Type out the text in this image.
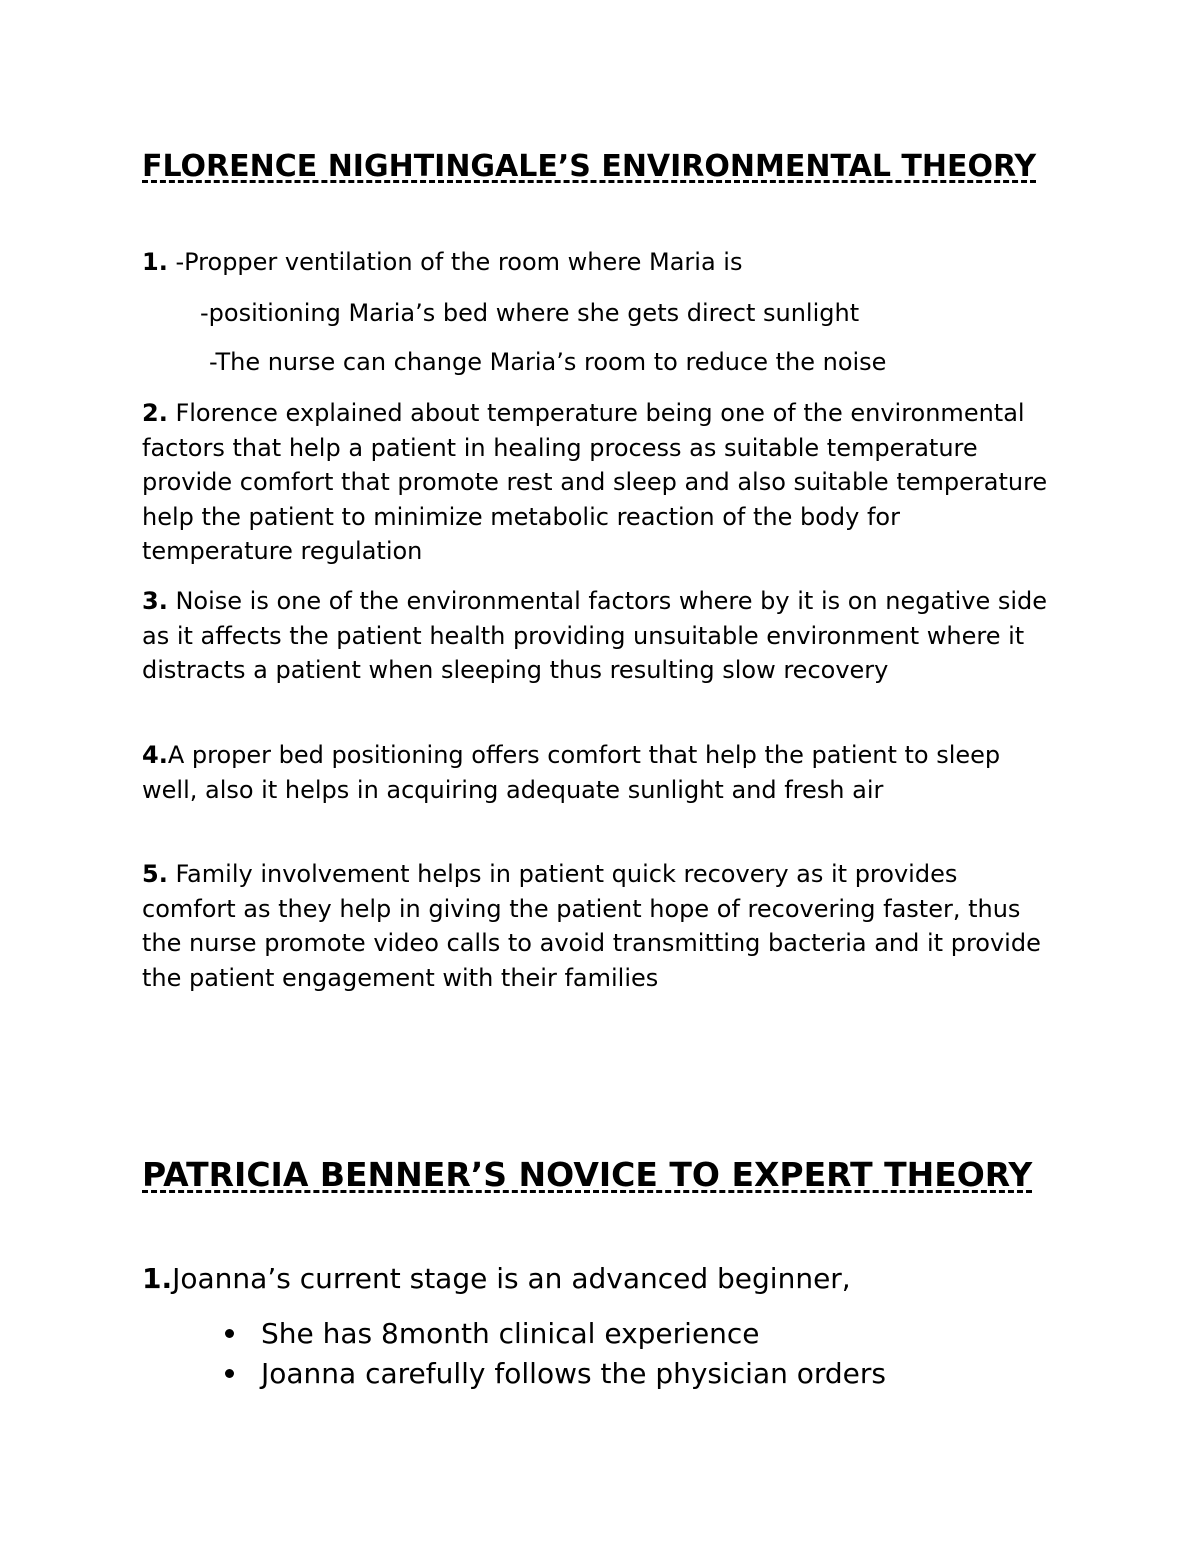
FLORENCE NIGHTINGALE’S ENVIRONMENTAL THEORY

1. -Propper ventilation of the room where Maria is

-positioning Maria’s bed where she gets direct sunlight

-The nurse can change Maria’s room to reduce the noise

2. Florence explained about temperature being one of the environmental factors that help a patient in healing process as suitable temperature provide comfort that promote rest and sleep and also suitable temperature help the patient to minimize metabolic reaction of the body for temperature regulation

3. Noise is one of the environmental factors where by it is on negative side as it affects the patient health providing unsuitable environment where it distracts a patient when sleeping thus resulting slow recovery

4.A proper bed positioning offers comfort that help the patient to sleep well, also it helps in acquiring adequate sunlight and fresh air

5. Family involvement helps in patient quick recovery as it provides comfort as they help in giving the patient hope of recovering faster, thus the nurse promote video calls to avoid transmitting bacteria and it provide the patient engagement with their families

PATRICIA BENNER’S NOVICE TO EXPERT THEORY

1.Joanna’s current stage is an advanced beginner,

She has 8month clinical experience
Joanna carefully follows the physician orders
